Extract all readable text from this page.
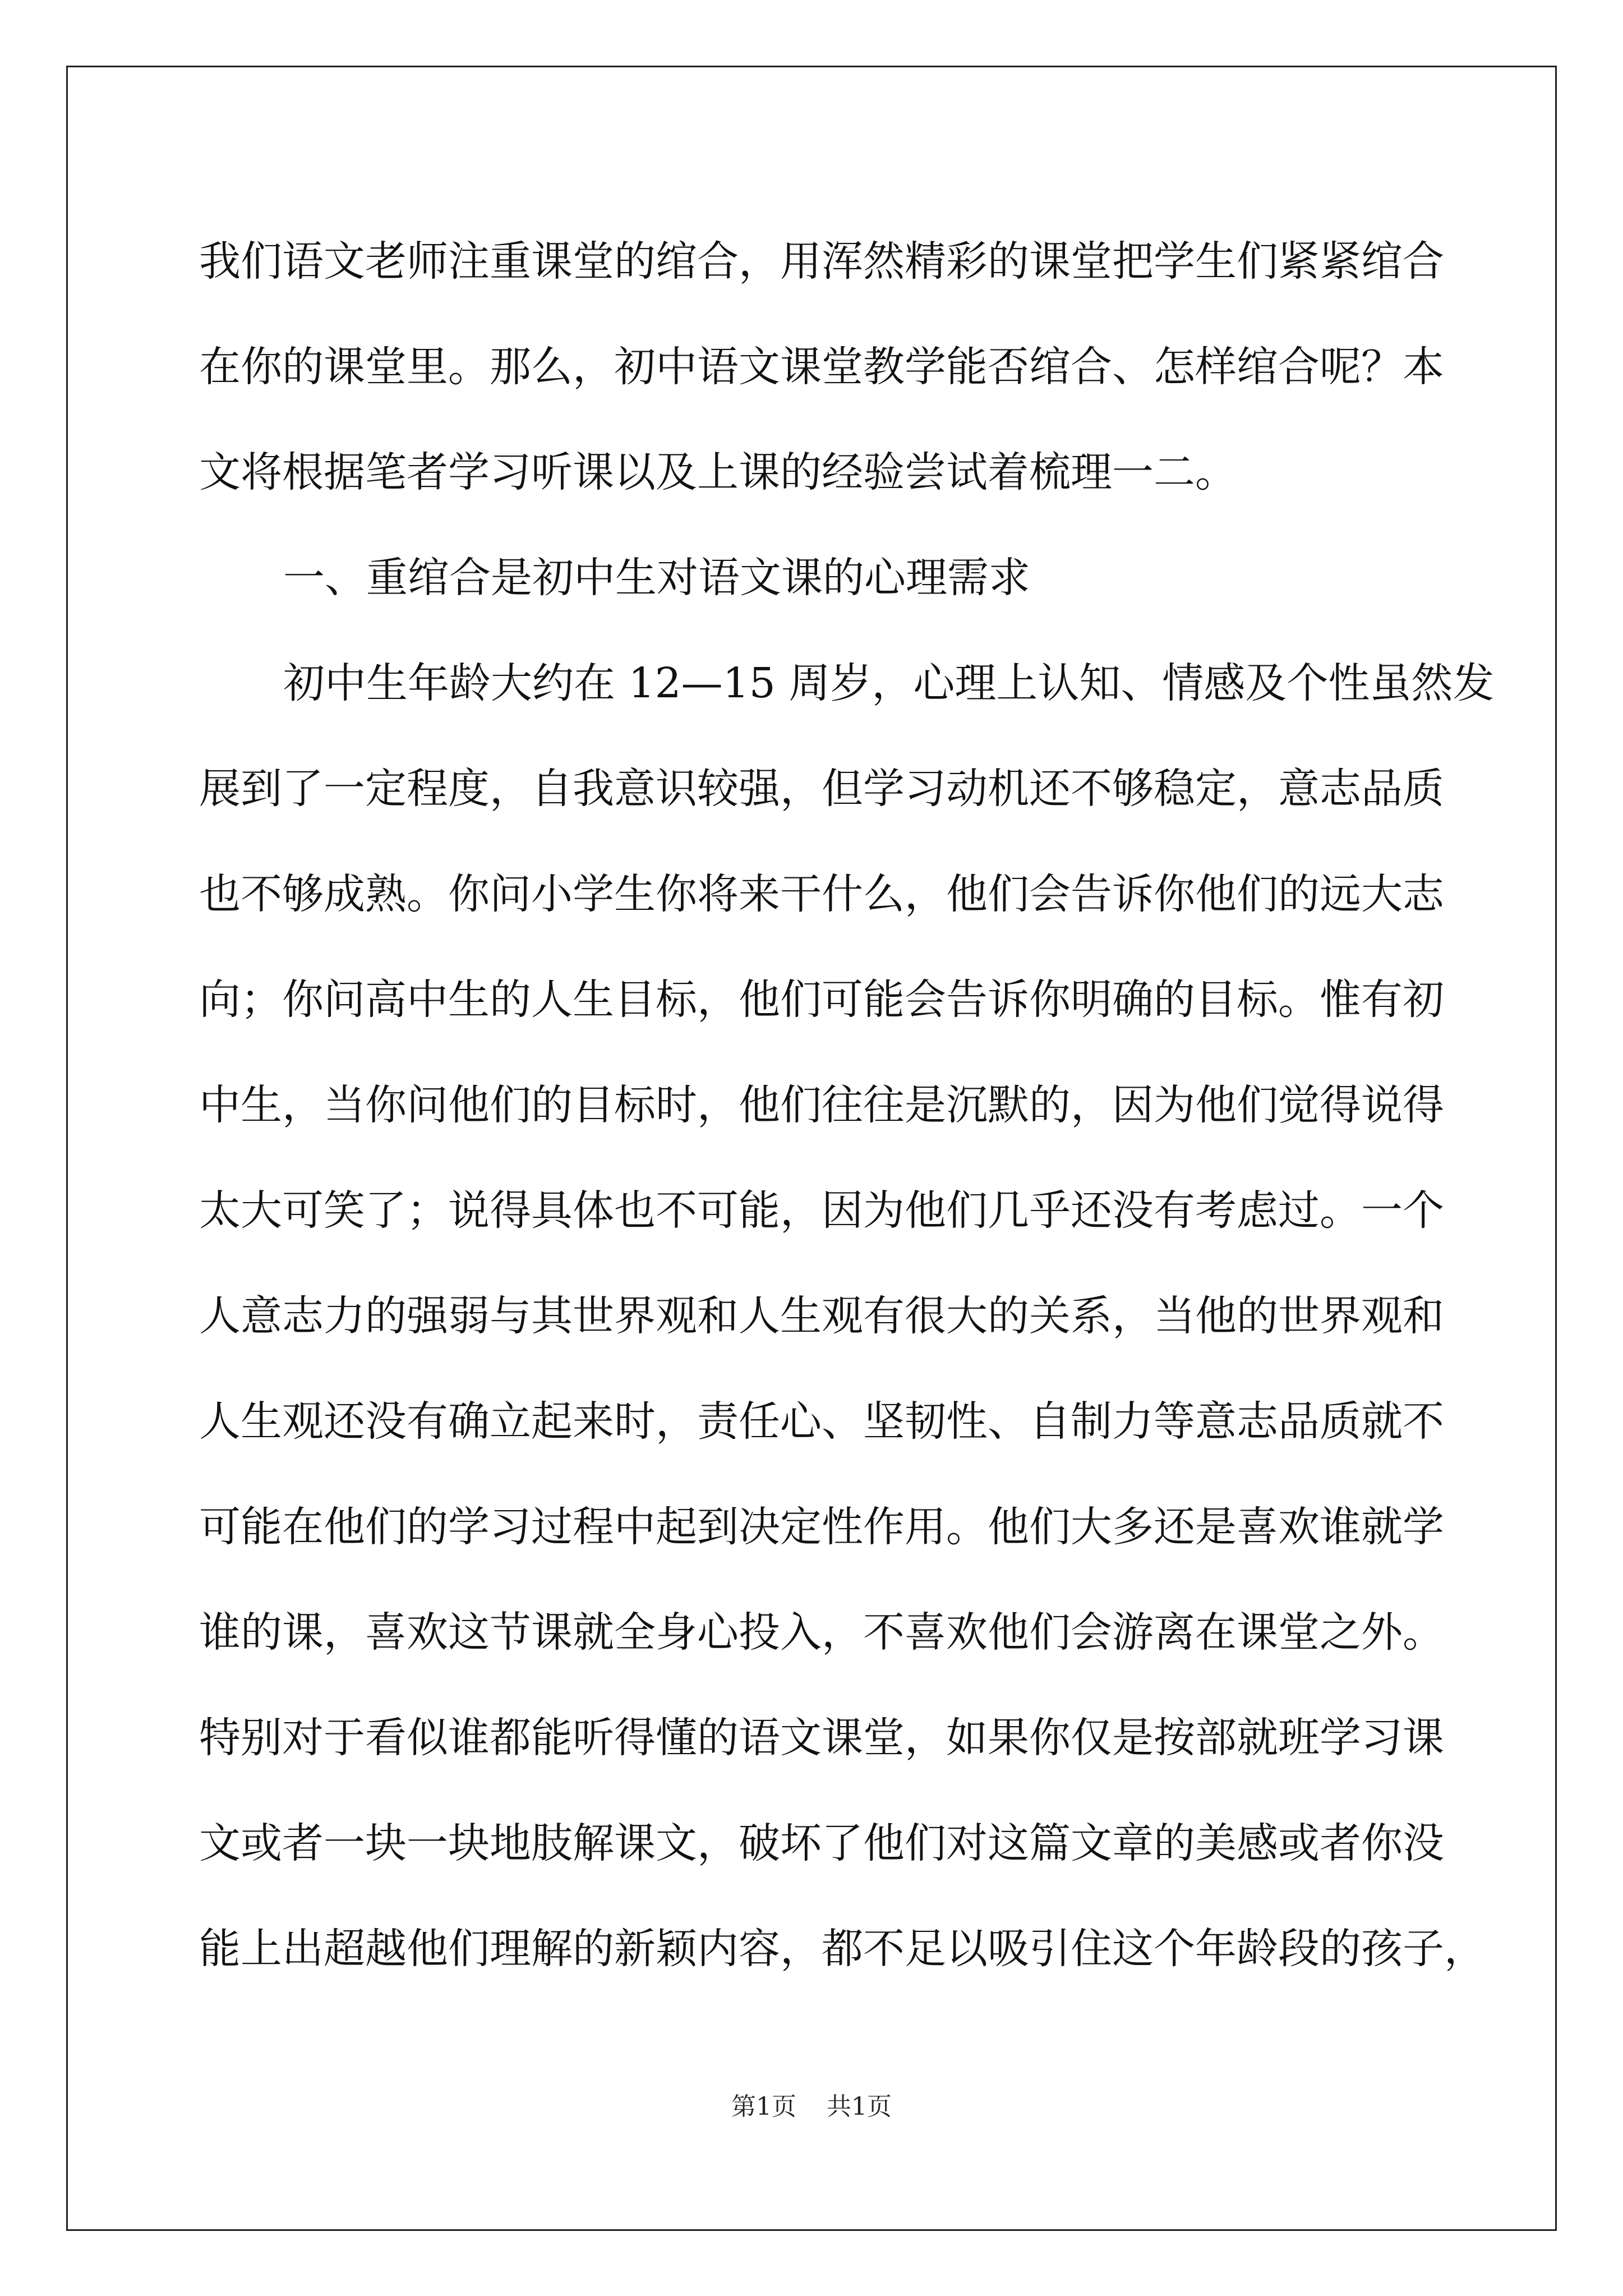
我们语文老师注重课堂的绾合，用浑然精彩的课堂把学生们紧紧绾合
在你的课堂里。那么，初中语文课堂教学能否绾合、怎样绾合呢？本
文将根据笔者学习听课以及上课的经验尝试着梳理一二。
一、重绾合是初中生对语文课的心理需求
初中生年龄大约在 12—15 周岁，心理上认知、情感及个性虽然发
展到了一定程度，自我意识较强，但学习动机还不够稳定，意志品质
也不够成熟。你问小学生你将来干什么，他们会告诉你他们的远大志
向；你问高中生的人生目标，他们可能会告诉你明确的目标。惟有初
中生，当你问他们的目标时，他们往往是沉默的，因为他们觉得说得
太大可笑了；说得具体也不可能，因为他们几乎还没有考虑过。一个
人意志力的强弱与其世界观和人生观有很大的关系，当他的世界观和
人生观还没有确立起来时，责任心、坚韧性、自制力等意志品质就不
可能在他们的学习过程中起到决定性作用。他们大多还是喜欢谁就学
谁的课，喜欢这节课就全身心投入，不喜欢他们会游离在课堂之外。
特别对于看似谁都能听得懂的语文课堂，如果你仅是按部就班学习课
文或者一块一块地肢解课文，破坏了他们对这篇文章的美感或者你没
能上出超越他们理解的新颖内容，都不足以吸引住这个年龄段的孩子，
第1页 共1页
